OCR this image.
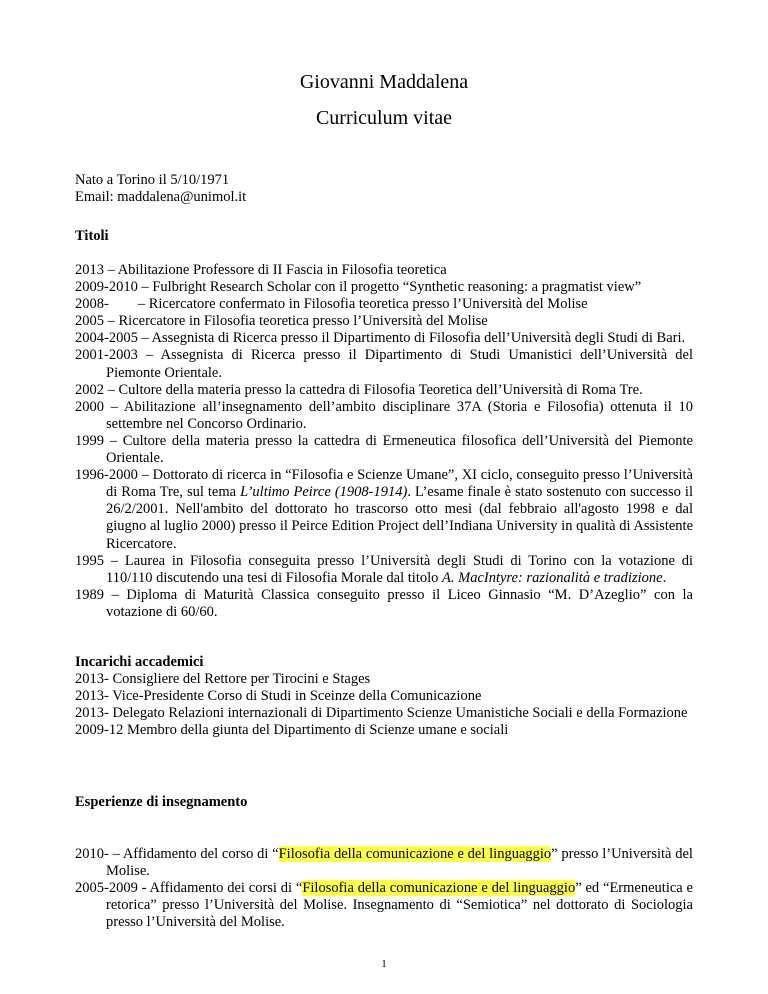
Giovanni Maddalena
Curriculum vitae
Nato a Torino il 5/10/1971
Email: maddalena@unimol.it
Titoli
2013 – Abilitazione Professore di II Fascia in Filosofia teoretica
2009-2010 – Fulbright Research Scholar con il progetto “Synthetic reasoning: a pragmatist view”
2008-        – Ricercatore confermato in Filosofia teoretica presso l’Università del Molise
2005 – Ricercatore in Filosofia teoretica presso l’Università del Molise
2004-2005 – Assegnista di Ricerca presso il Dipartimento di Filosofia dell’Università degli Studi di Bari.
2001-2003 – Assegnista di Ricerca presso il Dipartimento di Studi Umanistici dell’Università del Piemonte Orientale.
2002 – Cultore della materia presso la cattedra di Filosofia Teoretica dell’Università di Roma Tre.
2000 – Abilitazione all’insegnamento dell’ambito disciplinare 37A (Storia e Filosofia) ottenuta il 10 settembre nel Concorso Ordinario.
1999 – Cultore della materia presso la cattedra di Ermeneutica filosofica dell’Università del Piemonte Orientale.
1996-2000 – Dottorato di ricerca in “Filosofia e Scienze Umane”, XI ciclo, conseguito presso l’Università di Roma Tre, sul tema L’ultimo Peirce (1908-1914). L’esame finale è stato sostenuto con successo il 26/2/2001. Nell'ambito del dottorato ho trascorso otto mesi (dal febbraio all'agosto 1998 e dal giugno al luglio 2000) presso il Peirce Edition Project dell’Indiana University in qualità di Assistente Ricercatore.
1995 – Laurea in Filosofia conseguita presso l’Università degli Studi di Torino con la votazione di 110/110 discutendo una tesi di Filosofia Morale dal titolo A. MacIntyre: razionalità e tradizione.
1989 – Diploma di Maturità Classica conseguito presso il Liceo Ginnasio “M. D’Azeglio” con la votazione di 60/60.
Incarichi accademici
2013- Consigliere del Rettore per Tirocini e Stages
2013- Vice-Presidente Corso di Studi in Sceinze della Comunicazione
2013- Delegato Relazioni internazionali di Dipartimento Scienze Umanistiche Sociali e della Formazione
2009-12 Membro della giunta del Dipartimento di Scienze umane e sociali
Esperienze di insegnamento
2010- – Affidamento del corso di “Filosofia della comunicazione e del linguaggio” presso l’Università del Molise.
2005-2009 - Affidamento dei corsi di “Filosofia della comunicazione e del linguaggio” ed “Ermeneutica e retorica” presso l’Università del Molise. Insegnamento di “Semiotica” nel dottorato di Sociologia presso l’Università del Molise.
1
